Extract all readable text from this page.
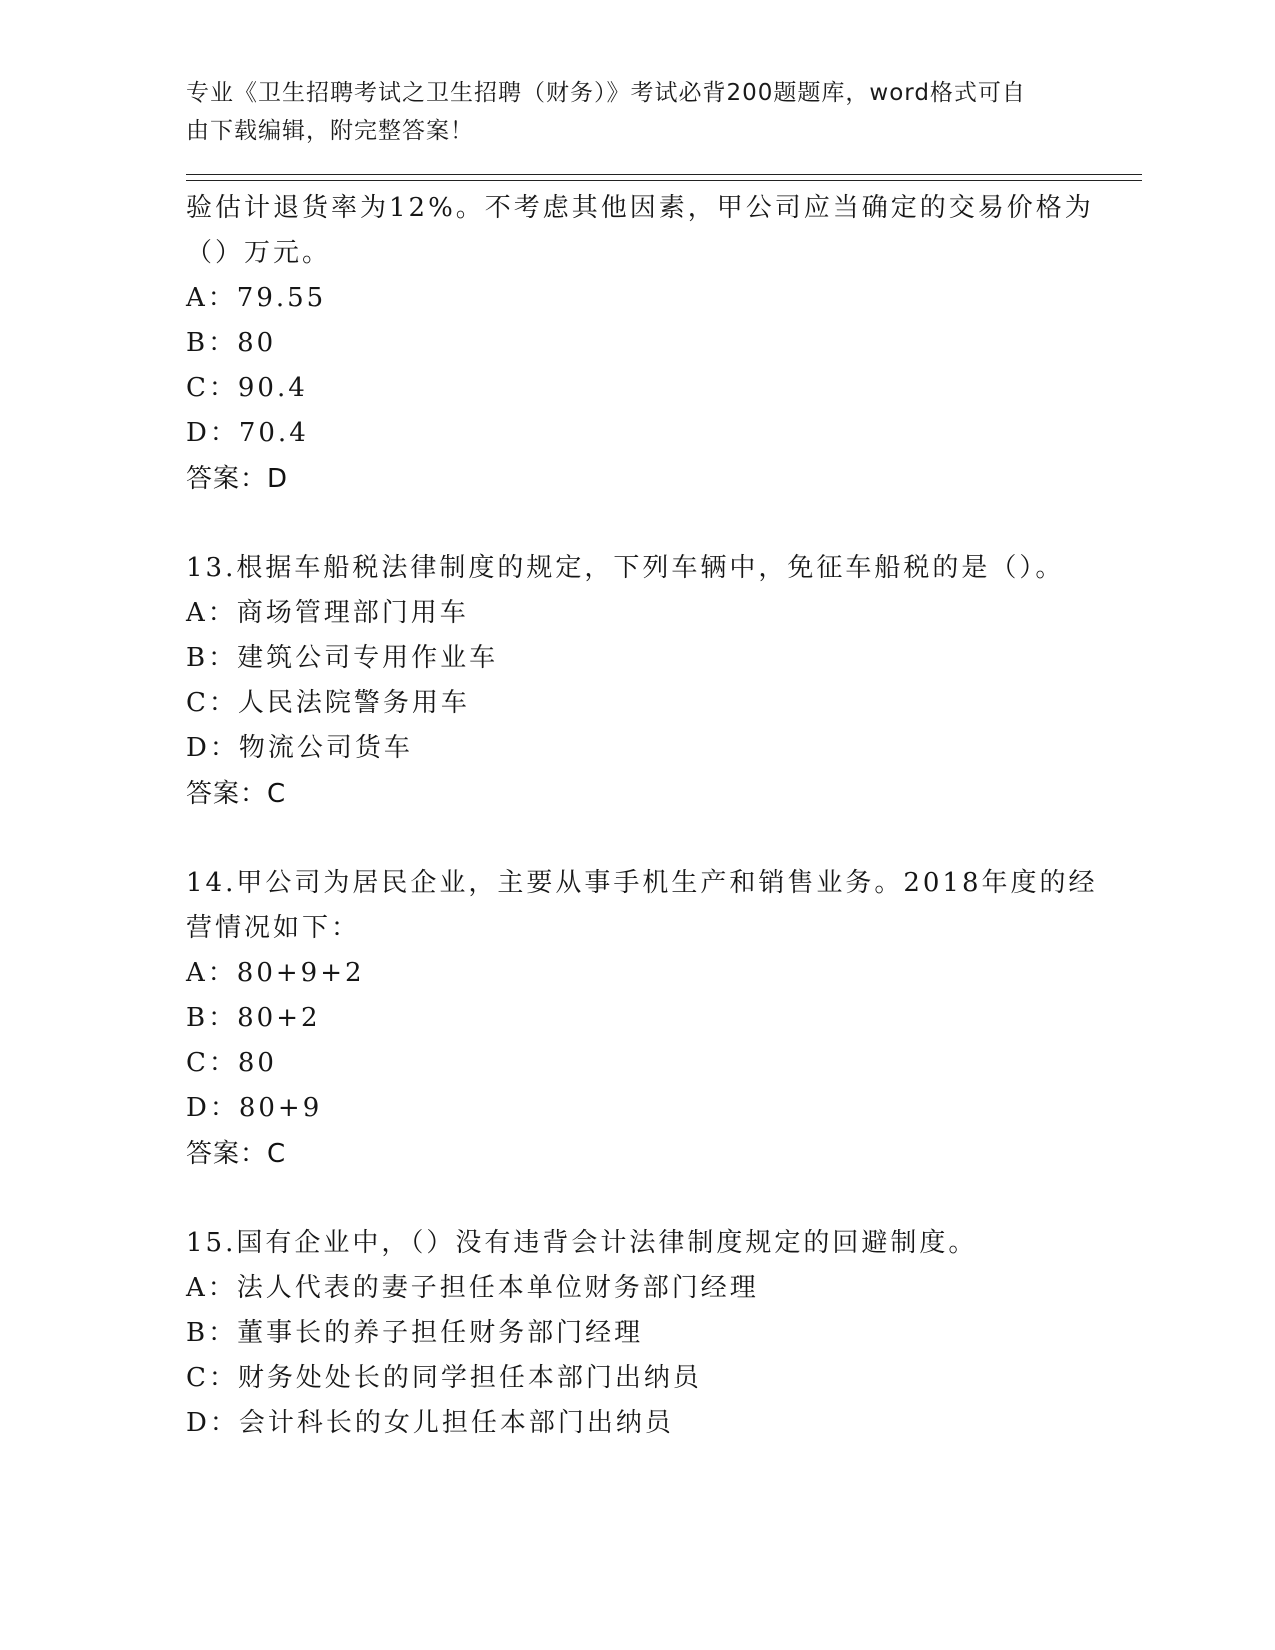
专业《卫生招聘考试之卫生招聘（财务）》考试必背200题题库，word格式可自
由下载编辑，附完整答案！
验估计退货率为12%。不考虑其他因素，甲公司应当确定的交易价格为
（）万元。
A：79.55
B：80
C：90.4
D：70.4
答案：D
13.根据车船税法律制度的规定，下列车辆中，免征车船税的是（）。
A：商场管理部门用车
B：建筑公司专用作业车
C：人民法院警务用车
D：物流公司货车
答案：C
14.甲公司为居民企业，主要从事手机生产和销售业务。2018年度的经
营情况如下：
A：80+9+2
B：80+2
C：80
D：80+9
答案：C
15.国有企业中，（）没有违背会计法律制度规定的回避制度。
A：法人代表的妻子担任本单位财务部门经理
B：董事长的养子担任财务部门经理
C：财务处处长的同学担任本部门出纳员
D：会计科长的女儿担任本部门出纳员
